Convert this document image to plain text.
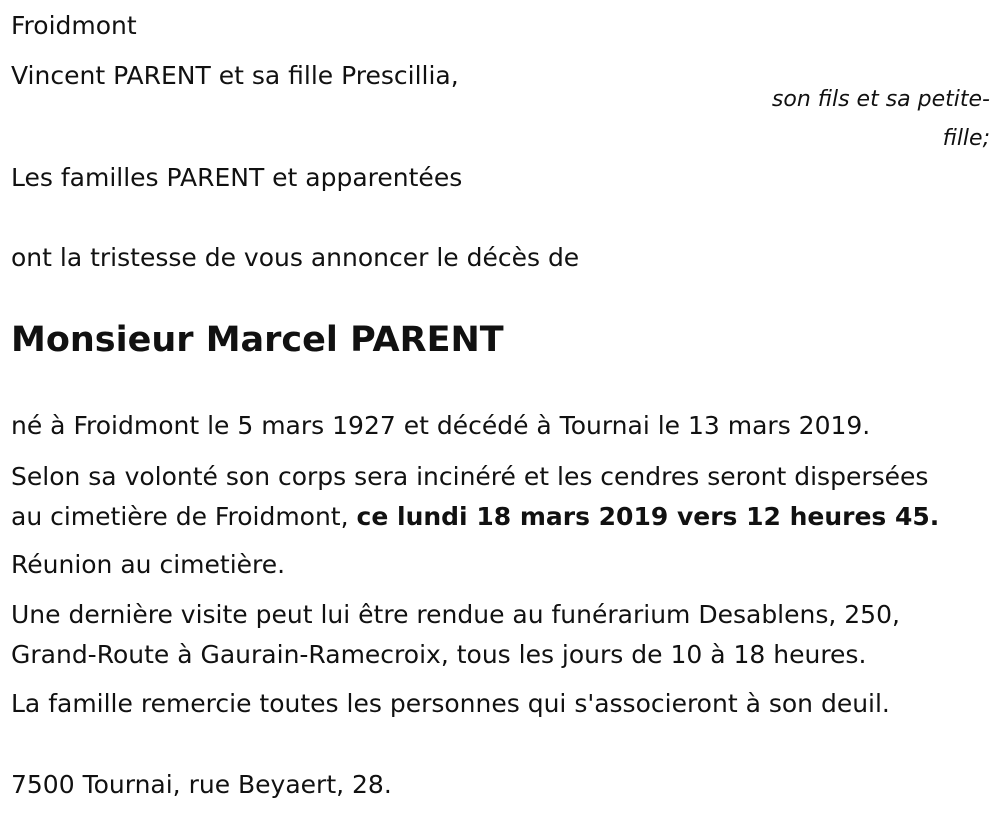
Froidmont
Vincent PARENT et sa fille Prescillia,
son fils et sa petite-
fille;
Les familles PARENT et apparentées
ont la tristesse de vous annoncer le décès de
Monsieur Marcel PARENT
né à Froidmont le 5 mars 1927 et décédé à Tournai le 13 mars 2019.
Selon sa volonté son corps sera incinéré et les cendres seront dispersées
au cimetière de Froidmont, ce lundi 18 mars 2019 vers 12 heures 45.
Réunion au cimetière.
Une dernière visite peut lui être rendue au funérarium Desablens, 250,
Grand-Route à Gaurain-Ramecroix, tous les jours de 10 à 18 heures.
La famille remercie toutes les personnes qui s'associeront à son deuil.
7500 Tournai, rue Beyaert, 28.
